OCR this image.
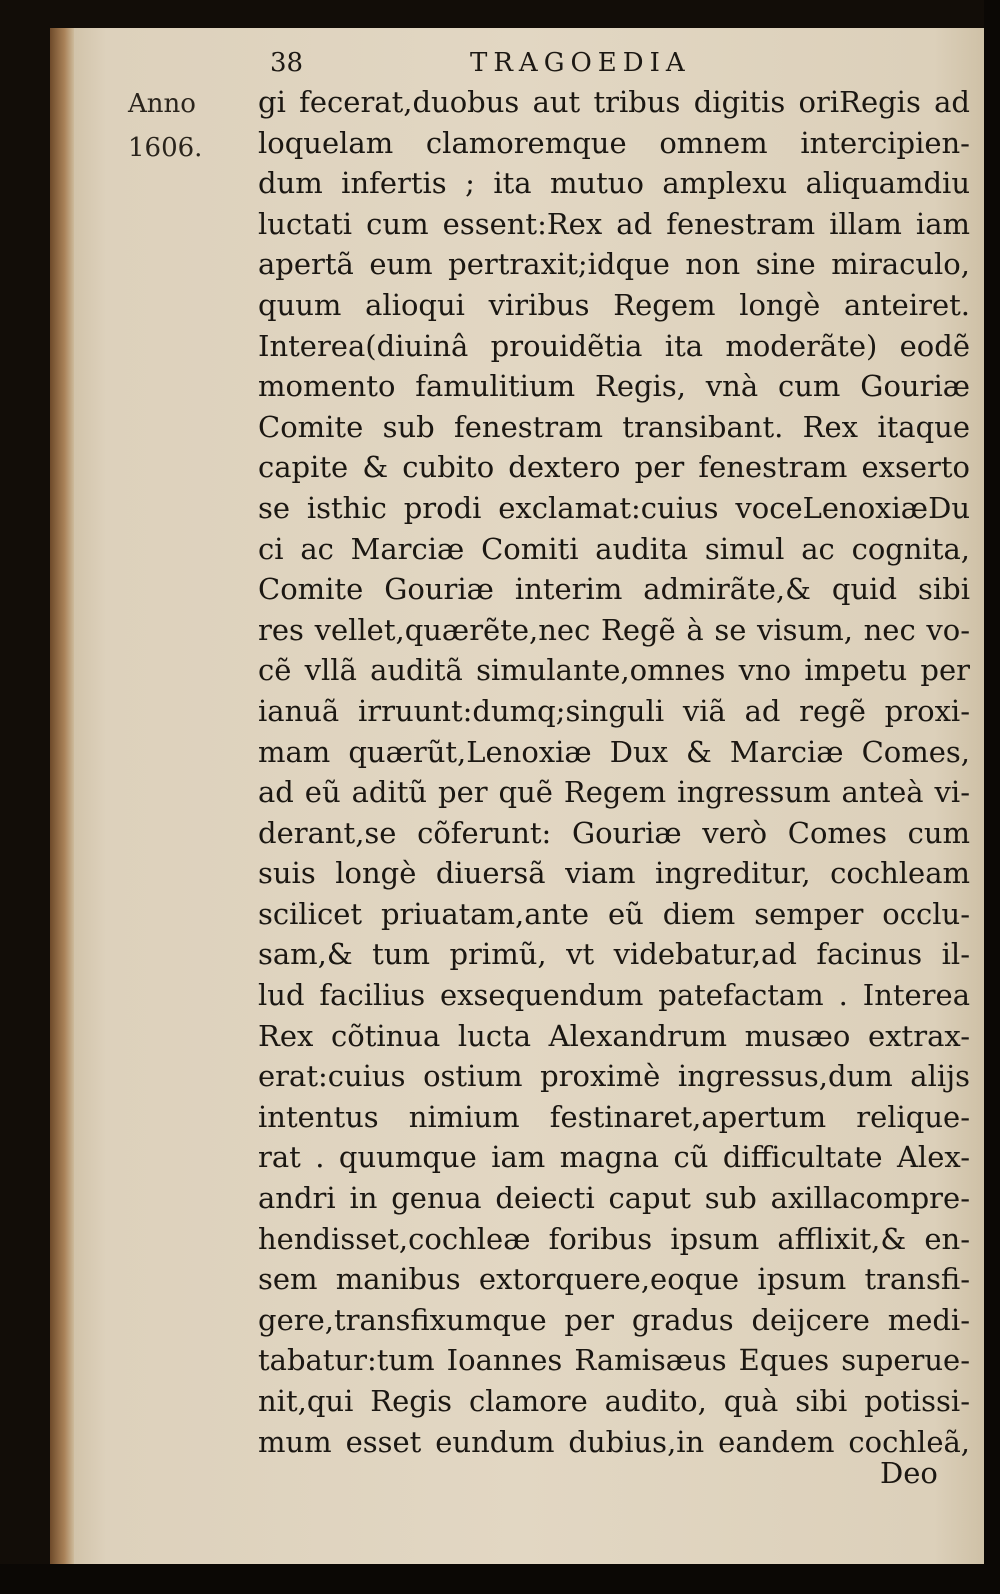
38	TRAGOEDIA
Anno
1606.
gi fecerat,duobus aut tribus digitis oriRegis ad
loquelam clamoremque omnem intercipien-
dum infertis ; ita mutuo amplexu aliquamdiu
luctati cum essent:Rex ad fenestram illam iam
apertã eum pertraxit;idque non sine miraculo,
quum alioqui viribus Regem longè anteiret.
Interea(diuinâ prouidẽtia ita moderãte) eodẽ
momento famulitium Regis, vnà cum Gouriæ
Comite sub fenestram transibant. Rex itaque
capite & cubito dextero per fenestram exserto
se isthic prodi exclamat:cuius voceLenoxiæDu
ci ac Marciæ Comiti audita simul ac cognita,
Comite Gouriæ interim admirãte,& quid sibi
res vellet,quærẽte,nec Regẽ à se visum, nec vo-
cẽ vllã auditã simulante,omnes vno impetu per
ianuã irruunt:dumq;singuli viã ad regẽ proxi-
mam quærũt,Lenoxiæ Dux & Marciæ Comes,
ad eũ aditũ per quẽ Regem ingressum anteà vi-
derant,se cõferunt: Gouriæ verò Comes cum
suis longè diuersã viam ingreditur, cochleam
scilicet priuatam,ante eũ diem semper occlu-
sam,& tum primũ, vt videbatur,ad facinus il-
lud facilius exsequendum patefactam . Interea
Rex cõtinua lucta Alexandrum musæo extrax-
erat:cuius ostium proximè ingressus,dum alijs
intentus nimium festinaret,apertum relique-
rat . quumque iam magna cũ difficultate Alex-
andri in genua deiecti caput sub axillacompre-
hendisset,cochleæ foribus ipsum afflixit,& en-
sem manibus extorquere,eoque ipsum transfi-
gere,transfixumque per gradus deijcere medi-
tabatur:tum Ioannes Ramisæus Eques superue-
nit,qui Regis clamore audito, quà sibi potissi-
mum esset eundum dubius,in eandem cochleã,
Deo
